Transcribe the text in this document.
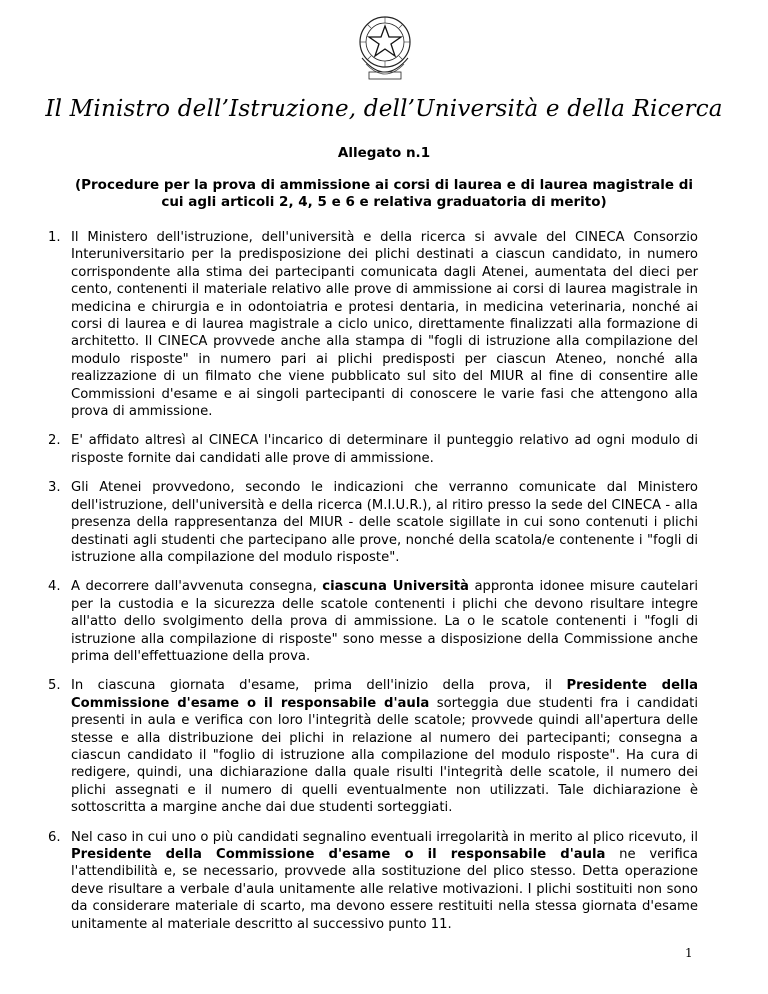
Il Ministro dell’Istruzione, dell’Università e della Ricerca
Allegato n.1
(Procedure per la prova di ammissione ai corsi di laurea e di laurea magistrale di cui agli articoli 2, 4, 5 e 6 e relativa graduatoria di merito)
1. Il Ministero dell'istruzione, dell'università e della ricerca si avvale del CINECA Consorzio Interuniversitario per la predisposizione dei plichi destinati a ciascun candidato, in numero corrispondente alla stima dei partecipanti comunicata dagli Atenei, aumentata del dieci per cento, contenenti il materiale relativo alle prove di ammissione ai corsi di laurea magistrale in medicina e chirurgia e in odontoiatria e protesi dentaria, in medicina veterinaria, nonché ai corsi di laurea e di laurea magistrale a ciclo unico, direttamente finalizzati alla formazione di architetto. Il CINECA provvede anche alla stampa di "fogli di istruzione alla compilazione del modulo risposte" in numero pari ai plichi predisposti per ciascun Ateneo, nonché alla realizzazione di un filmato che viene pubblicato sul sito del MIUR al fine di consentire alle Commissioni d'esame e ai singoli partecipanti di conoscere le varie fasi che attengono alla prova di ammissione.
2. E' affidato altresì al CINECA l'incarico di determinare il punteggio relativo ad ogni modulo di risposte fornite dai candidati alle prove di ammissione.
3. Gli Atenei provvedono, secondo le indicazioni che verranno comunicate dal Ministero dell'istruzione, dell'università e della ricerca (M.I.U.R.), al ritiro presso la sede del CINECA - alla presenza della rappresentanza del MIUR - delle scatole sigillate in cui sono contenuti i plichi destinati agli studenti che partecipano alle prove, nonché della scatola/e contenente i "fogli di istruzione alla compilazione del modulo risposte".
4. A decorrere dall'avvenuta consegna, ciascuna Università approntа idonee misure cautelari per la custodia e la sicurezza delle scatole contenenti i plichi che devono risultare integre all'atto dello svolgimento della prova di ammissione. La o le scatole contenenti i "fogli di istruzione alla compilazione di risposte" sono messe a disposizione della Commissione anche prima dell'effettuazione della prova.
5. In ciascuna giornata d'esame, prima dell'inizio della prova, il Presidente della Commissione d'esame o il responsabile d'aula sorteggia due studenti fra i candidati presenti in aula e verifica con loro l'integrità delle scatole; provvede quindi all'apertura delle stesse e alla distribuzione dei plichi in relazione al numero dei partecipanti; consegna a ciascun candidato il "foglio di istruzione alla compilazione del modulo risposte". Ha cura di redigere, quindi, una dichiarazione dalla quale risulti l'integrità delle scatole, il numero dei plichi assegnati e il numero di quelli eventualmente non utilizzati. Tale dichiarazione è sottoscritta a margine anche dai due studenti sorteggiati.
6. Nel caso in cui uno o più candidati segnalino eventuali irregolarità in merito al plico ricevuto, il Presidente della Commissione d'esame o il responsabile d'aula ne verifica l'attendibilità e, se necessario, provvede alla sostituzione del plico stesso. Detta operazione deve risultare a verbale d'aula unitamente alle relative motivazioni. I plichi sostituiti non sono da considerare materiale di scarto, ma devono essere restituiti nella stessa giornata d'esame unitamente al materiale descritto al successivo punto 11.
1
